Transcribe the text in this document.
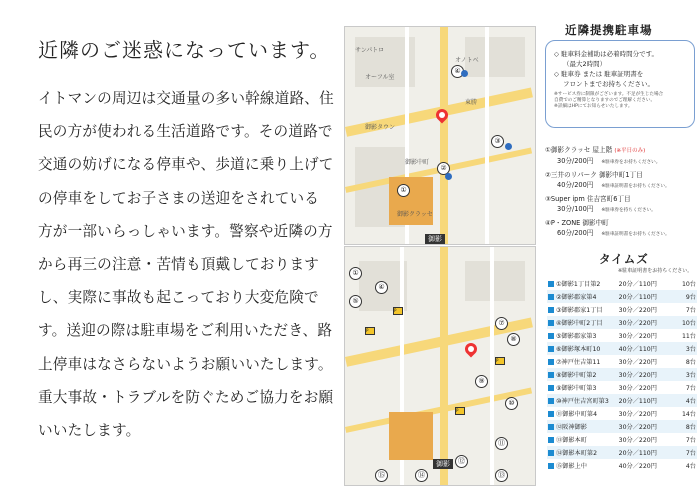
近隣のご迷惑になっています。
イトマンの周辺は交通量の多い幹線道路、住
民の方が使われる生活道路です。その道路で
交通の妨げになる停車や、歩道に乗り上げて
の停車をしてお子さまの送迎をされている
方が一部いらっしゃいます。警察や近隣の方
から再三の注意・苦情も頂戴しております
し、実際に事故も起こっており大変危険で
す。送迎の際は駐車場をご利用いただき、路
上停車はなさらないようお願いいたします。
重大事故・トラブルを防ぐためご協力をお願
いいたします。
①
御影クラッセ
②
③
④
サンパトロ
オーフル室
オノトベ
東勝
御影タウン
御影中町
御影
①
④
⑤
⑦
⑧
⑨
⑩
⑪
⑫
⑭	⑬
⑮
P
P
P
P
御影
近隣提携駐車場
◇ 駐車料金補助は必着時間分です。
（最大2時間）
◇ 駐車券 または 駐車証明書を
フロントまでお持ちください。
※サービス券に制限がございます。不足が生じた場合
自費でのご精算となりますのでご理解ください。
※詳細はHPにてお知らせいたします。
①御影クラッセ 屋上階 (※平日のみ)
30分/200円 ※駐車券をお持ちください。
②三井のリパーク 御影中町1丁目
40分/200円 ※駐車証明書をお持ちください。
③Super ipm 住吉宮町6丁目
30分/100円 ※駐車券を持ちください。
④P・ZONE 御影中町
60分/200円 ※駐車証明書をお持ちください。
タイムズ
※駐車証明書をお持ちください。
①御影1丁目第2	20分／110円	10台
②御影郡家第4	20分／110円	9台
③御影郡家1丁目	30分／220円	7台
④御影中町2丁目	30分／220円	10台
⑤御影郡家第3	30分／220円	11台
⑥御影塚本町10	40分／110円	3台
⑦神戸住吉第11	30分／220円	8台
⑧御影中町第2	30分／220円	3台
⑨御影中町第3	30分／220円	7台
⑩神戸住吉宮町第3	20分／110円	4台
⑪御影中町第4	30分／220円	14台
⑫阪神御影	30分／220円	8台
⑬御影本町	30分／220円	7台
⑭御影本町第2	20分／110円	7台
⑮御影上中	40分／220円	4台
